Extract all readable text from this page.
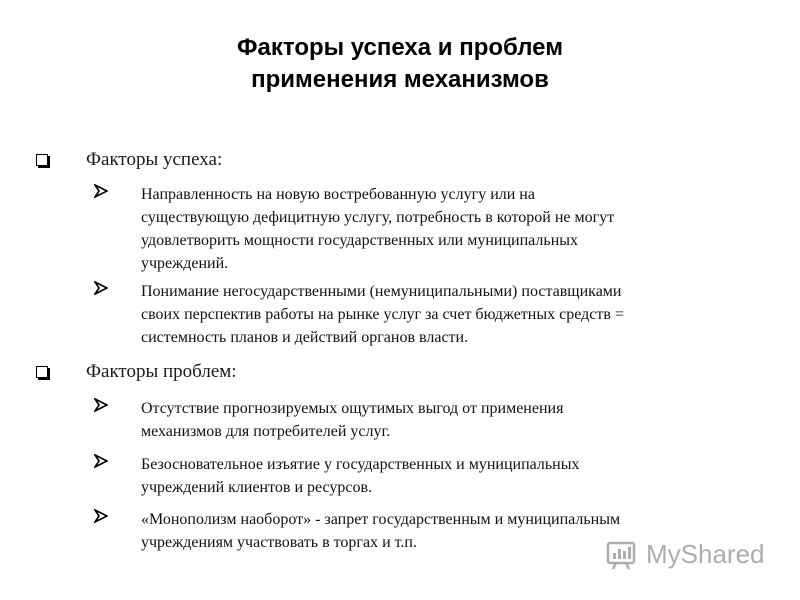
Факторы успеха и проблем
применения механизмов
Факторы успеха:
Направленность на новую востребованную услугу или на
существующую дефицитную услугу, потребность в которой не могут
удовлетворить мощности государственных или муниципальных
учреждений.
Понимание негосударственными (немуниципальными) поставщиками
своих перспектив работы на рынке услуг за счет бюджетных средств =
системность планов и действий органов власти.
Факторы проблем:
Отсутствие прогнозируемых ощутимых выгод от применения
механизмов для потребителей услуг.
Безосновательное изъятие у государственных и муниципальных
учреждений клиентов и ресурсов.
«Монополизм наоборот» - запрет государственным и муниципальным
учреждениям участвовать в торгах и т.п.	MyShared
